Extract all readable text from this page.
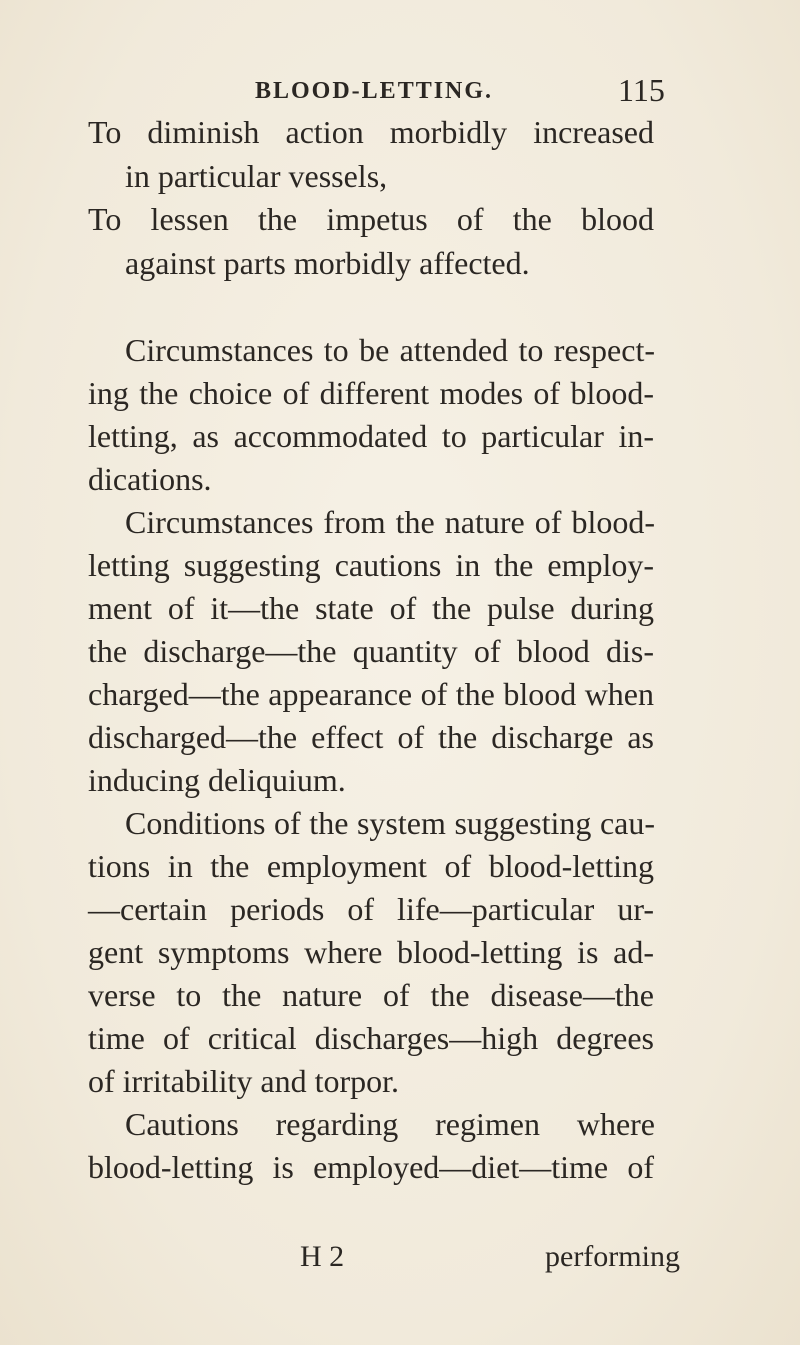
BLOOD-LETTING.	115
To diminish action morbidly increased
in particular vessels,
To lessen the impetus of the blood
against parts morbidly affected.
Circumstances to be attended to respect-
ing the choice of different modes of blood-
letting, as accommodated to particular in-
dications.
Circumstances from the nature of blood-
letting suggesting cautions in the employ-
ment of it—the state of the pulse during
the discharge—the quantity of blood dis-
charged—the appearance of the blood when
discharged—the effect of the discharge as
inducing deliquium.
Conditions of the system suggesting cau-
tions in the employment of blood-letting
—certain periods of life—particular ur-
gent symptoms where blood-letting is ad-
verse to the nature of the disease—the
time of critical discharges—high degrees
of irritability and torpor.
Cautions regarding regimen where
blood-letting is employed—diet—time of
H 2	performing
